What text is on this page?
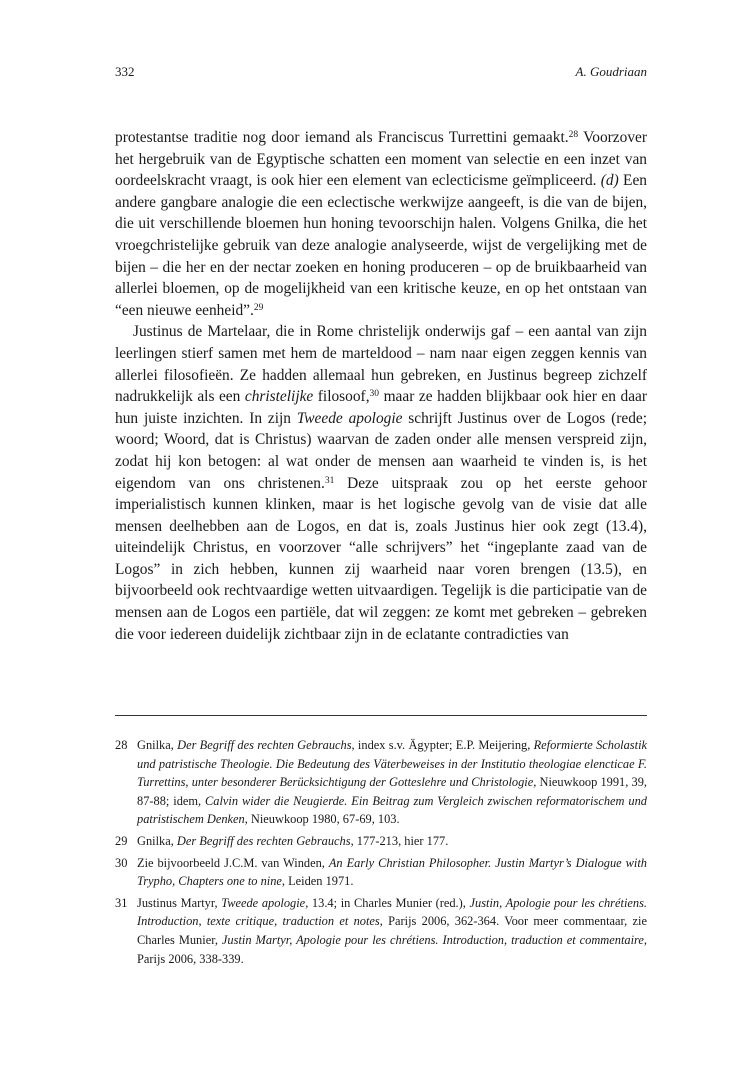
332	A. Goudriaan

protestantse traditie nog door iemand als Franciscus Turrettini gemaakt.$^{28}$ Voorzover het hergebruik van de Egyptische schatten een moment van selectie en een inzet van oordeelskracht vraagt, is ook hier een element van eclecticisme geïmpliceerd. (d) Een andere gangbare analogie die een eclectische werkwijze aangeeft, is die van de bijen, die uit verschillende bloemen hun honing tevoorschijn halen. Volgens Gnilka, die het vroegchristelijke gebruik van deze analogie analyseerde, wijst de vergelijking met de bijen – die her en der nectar zoeken en honing produceren – op de bruikbaarheid van allerlei bloemen, op de mogelijkheid van een kritische keuze, en op het ontstaan van “een nieuwe eenheid”.$^{29}$

Justinus de Martelaar, die in Rome christelijk onderwijs gaf – een aantal van zijn leerlingen stierf samen met hem de marteldood – nam naar eigen zeggen kennis van allerlei filosofieën. Ze hadden allemaal hun gebreken, en Justinus begreep zichzelf nadrukkelijk als een christelijke filosoof,$^{30}$ maar ze hadden blijkbaar ook hier en daar hun juiste inzichten. In zijn Tweede apologie schrijft Justinus over de Logos (rede; woord; Woord, dat is Christus) waarvan de zaden onder alle mensen verspreid zijn, zodat hij kon betogen: al wat onder de mensen aan waarheid te vinden is, is het eigendom van ons christenen.$^{31}$ Deze uitspraak zou op het eerste gehoor imperialistisch kunnen klinken, maar is het logische gevolg van de visie dat alle mensen deelhebben aan de Logos, en dat is, zoals Justinus hier ook zegt (13.4), uiteindelijk Christus, en voorzover “alle schrijvers” het “ingeplante zaad van de Logos” in zich hebben, kunnen zij waarheid naar voren brengen (13.5), en bijvoorbeeld ook rechtvaardige wetten uitvaardigen. Tegelijk is die participatie van de mensen aan de Logos een partiële, dat wil zeggen: ze komt met gebreken – gebreken die voor iedereen duidelijk zichtbaar zijn in de eclatante contradicties van

28 Gnilka, Der Begriff des rechten Gebrauchs, index s.v. Ägypter; E.P. Meijering, Reformierte Scholastik und patristische Theologie. Die Bedeutung des Väterbeweises in der Institutio theologiae elencticae F. Turrettins, unter besonderer Berücksichtigung der Gotteslehre und Christologie, Nieuwkoop 1991, 39, 87-88; idem, Calvin wider die Neugierde. Ein Beitrag zum Vergleich zwischen reformatorischem und patristischem Denken, Nieuwkoop 1980, 67-69, 103.
29 Gnilka, Der Begriff des rechten Gebrauchs, 177-213, hier 177.
30 Zie bijvoorbeeld J.C.M. van Winden, An Early Christian Philosopher. Justin Martyr’s Dialogue with Trypho, Chapters one to nine, Leiden 1971.
31 Justinus Martyr, Tweede apologie, 13.4; in Charles Munier (red.), Justin, Apologie pour les chrétiens. Introduction, texte critique, traduction et notes, Parijs 2006, 362-364. Voor meer commentaar, zie Charles Munier, Justin Martyr, Apologie pour les chrétiens. Introduction, traduction et commentaire, Parijs 2006, 338-339.
